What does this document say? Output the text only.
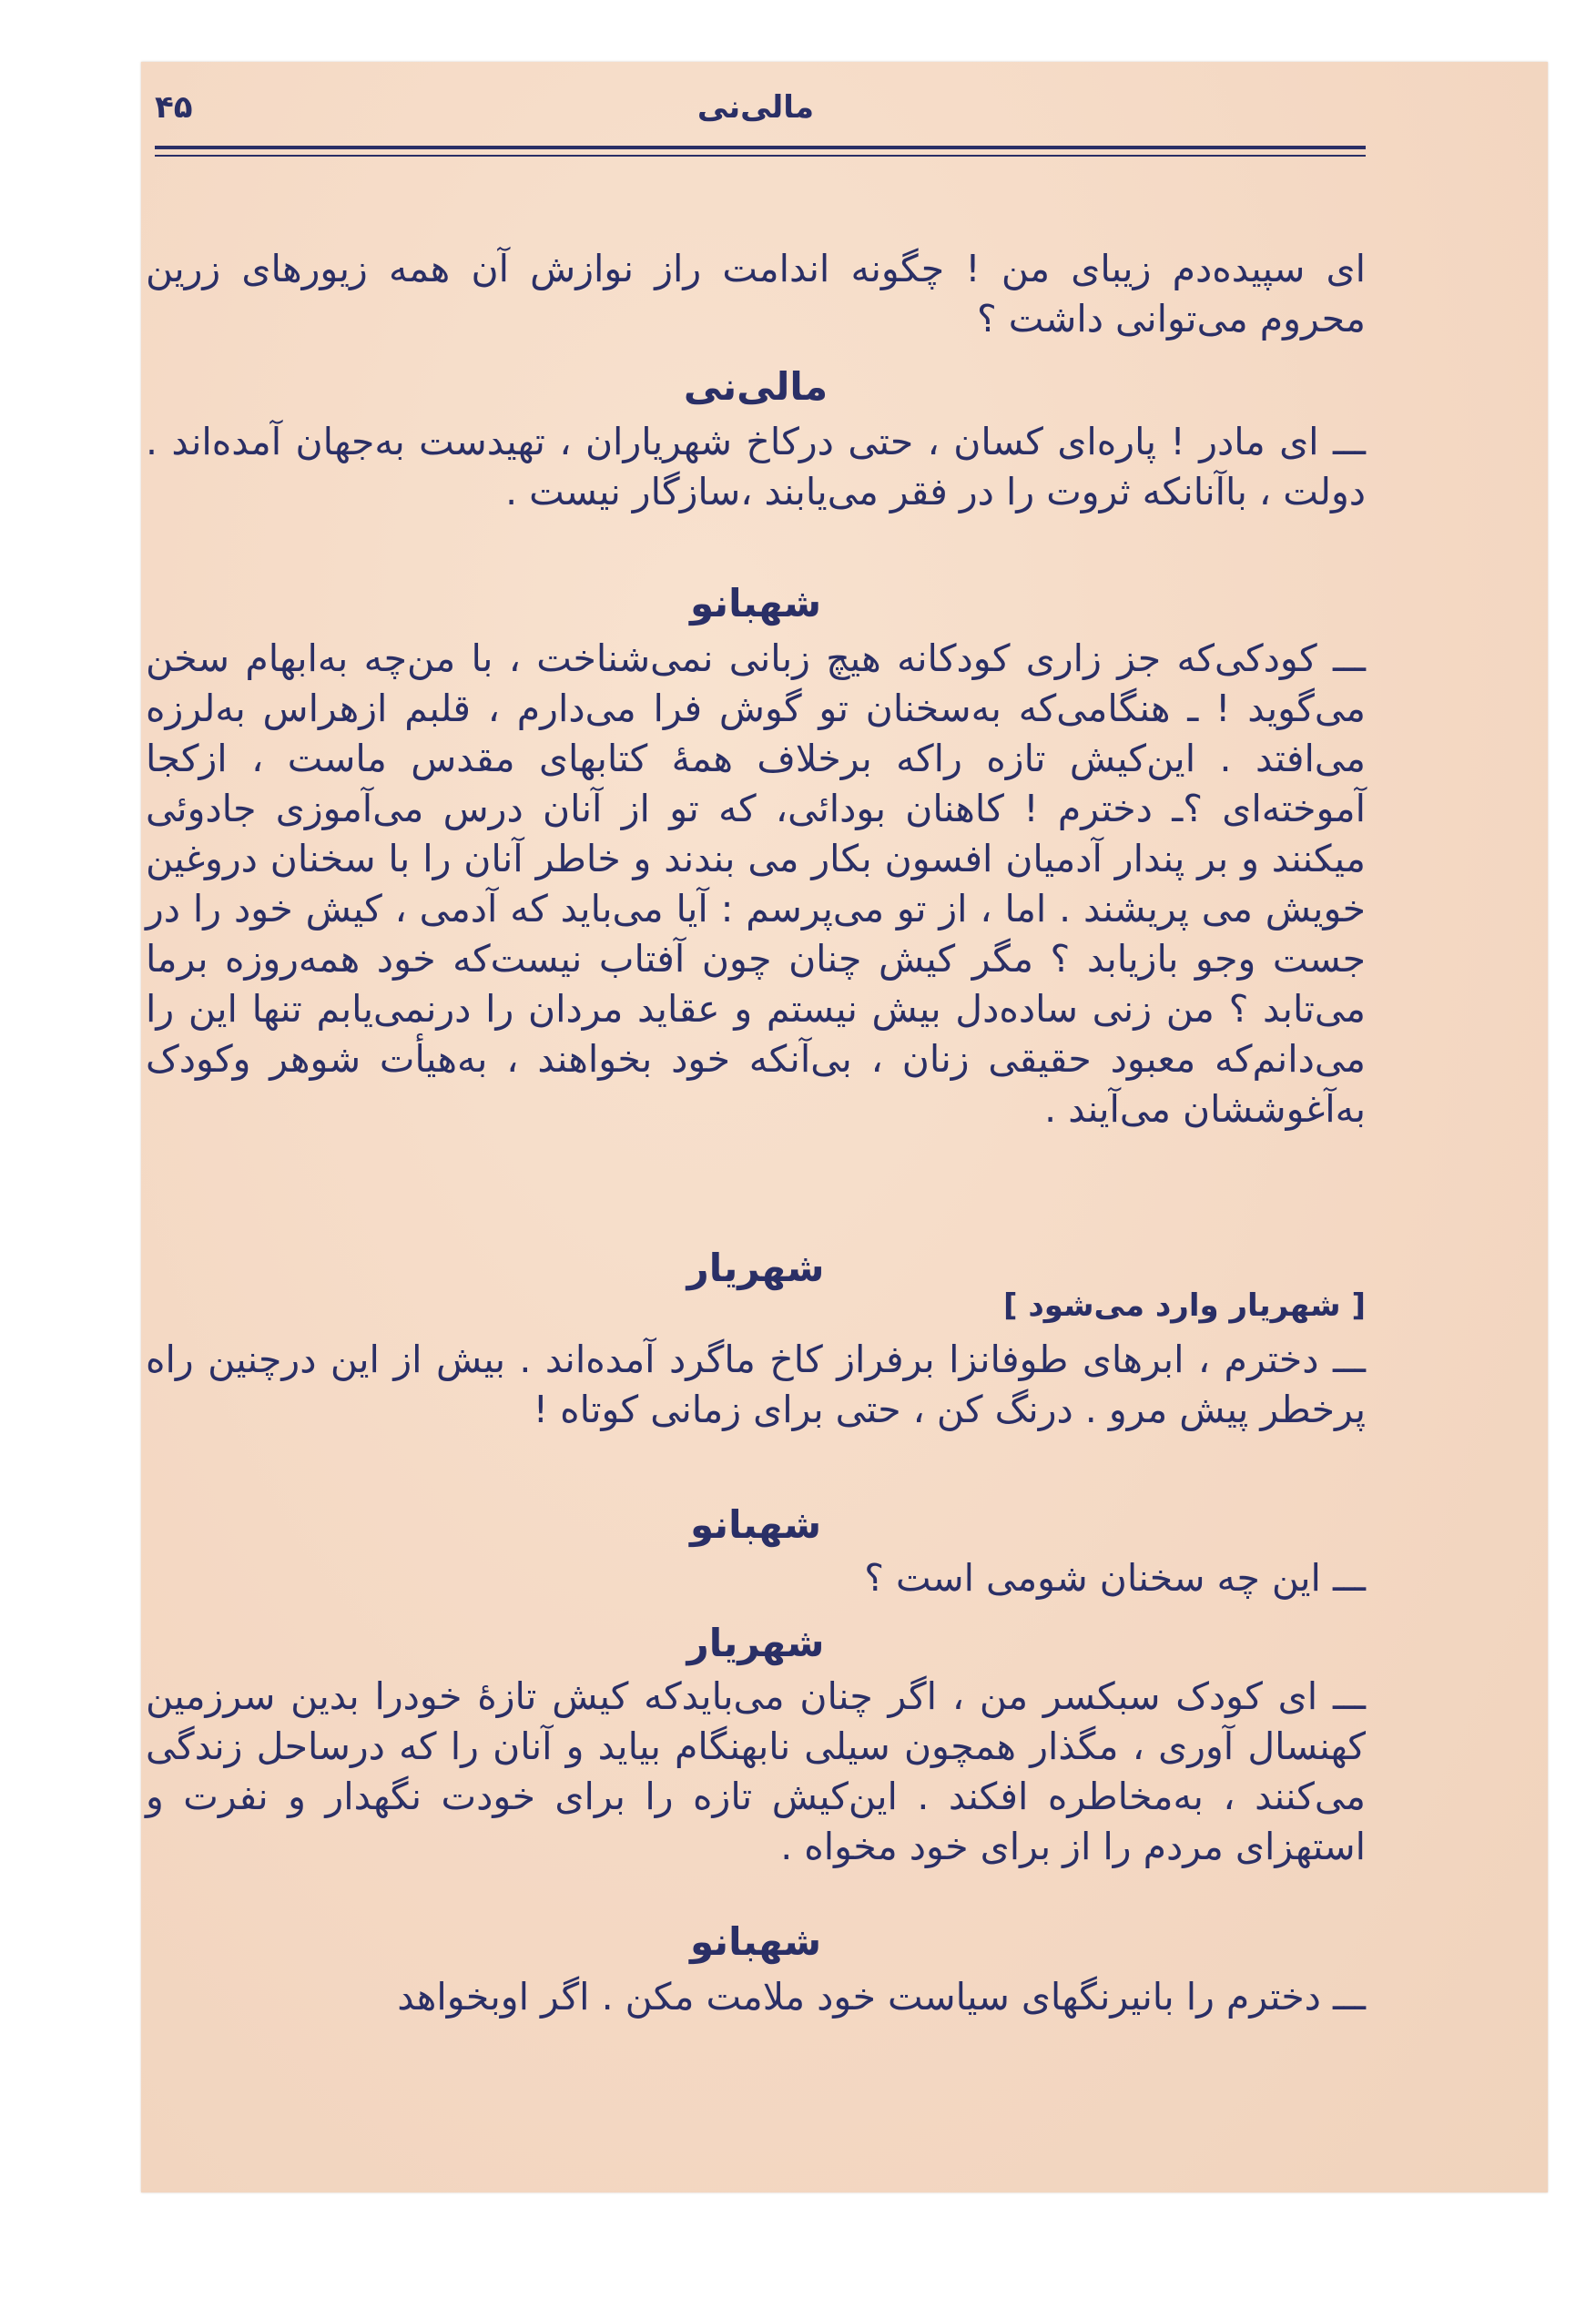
۴۵	مالی‌نی
ای سپیده‌دم زیبای من ! چگونه اندامت راز نوازش آن همه زیورهای زرین محروم می‌توانی داشت ؟
مالی‌نی
ـــ ای مادر ! پاره‌ای کسان ، حتی درکاخ شهریاران ، تهیدست به‌جهان آمده‌اند . دولت ، باآنانکه ثروت را در فقر می‌یابند ،سازگار نیست .
شهبانو
ـــ کودکی‌که جز زاری کودکانه هیچ زبانی نمی‌شناخت ، با من‌چه به‌ابهام سخن می‌گوید ! ـ هنگامی‌که به‌سخنان تو گوش فرا می‌دارم ، قلبم ازهراس به‌لرزه می‌افتد . این‌کیش تازه راکه برخلاف همهٔ کتابهای مقدس ماست ، ازکجا آموخته‌ای ؟ـ دخترم ! کاهنان بودائی، که تو از آنان درس می‌آموزی جادوئی میکنند و بر پندار آدمیان افسون بکار می بندند و خاطر آنان را با سخنان دروغین خویش می پریشند . اما ، از تو می‌پرسم : آیا می‌باید که آدمی ، کیش خود را در جست وجو بازیابد ؟ مگر کیش چنان چون آفتاب نیست‌که خود همه‌روزه برما می‌تابد ؟ من زنی ساده‌دل بیش نیستم و عقاید مردان را درنمی‌یابم تنها این را می‌دانم‌که معبود حقیقی زنان ، بی‌آنکه خود بخواهند ، به‌هیأت شوهر وکودک به‌آغوششان می‌آیند .
شهریار
[ شهریار وارد می‌شود ]
ـــ دخترم ، ابرهای طوفانزا برفراز کاخ ماگرد آمده‌اند . بیش از این درچنین راه پرخطر پیش مرو . درنگ کن ، حتی برای زمانی کوتاه !
شهبانو
ـــ این چه سخنان شومی است ؟
شهریار
ـــ ای کودک سبکسر من ، اگر چنان می‌بایدکه کیش تازهٔ خودرا بدین سرزمین کهنسال آوری ، مگذار همچون سیلی نابهنگام بیاید و آنان را که درساحل زندگی می‌کنند ، به‌مخاطره افکند . این‌کیش تازه را برای خودت نگهدار و نفرت و استهزای مردم را از برای خود مخواه .
شهبانو
ـــ دخترم را بانیرنگهای سیاست خود ملامت مکن . اگر اوبخواهد
